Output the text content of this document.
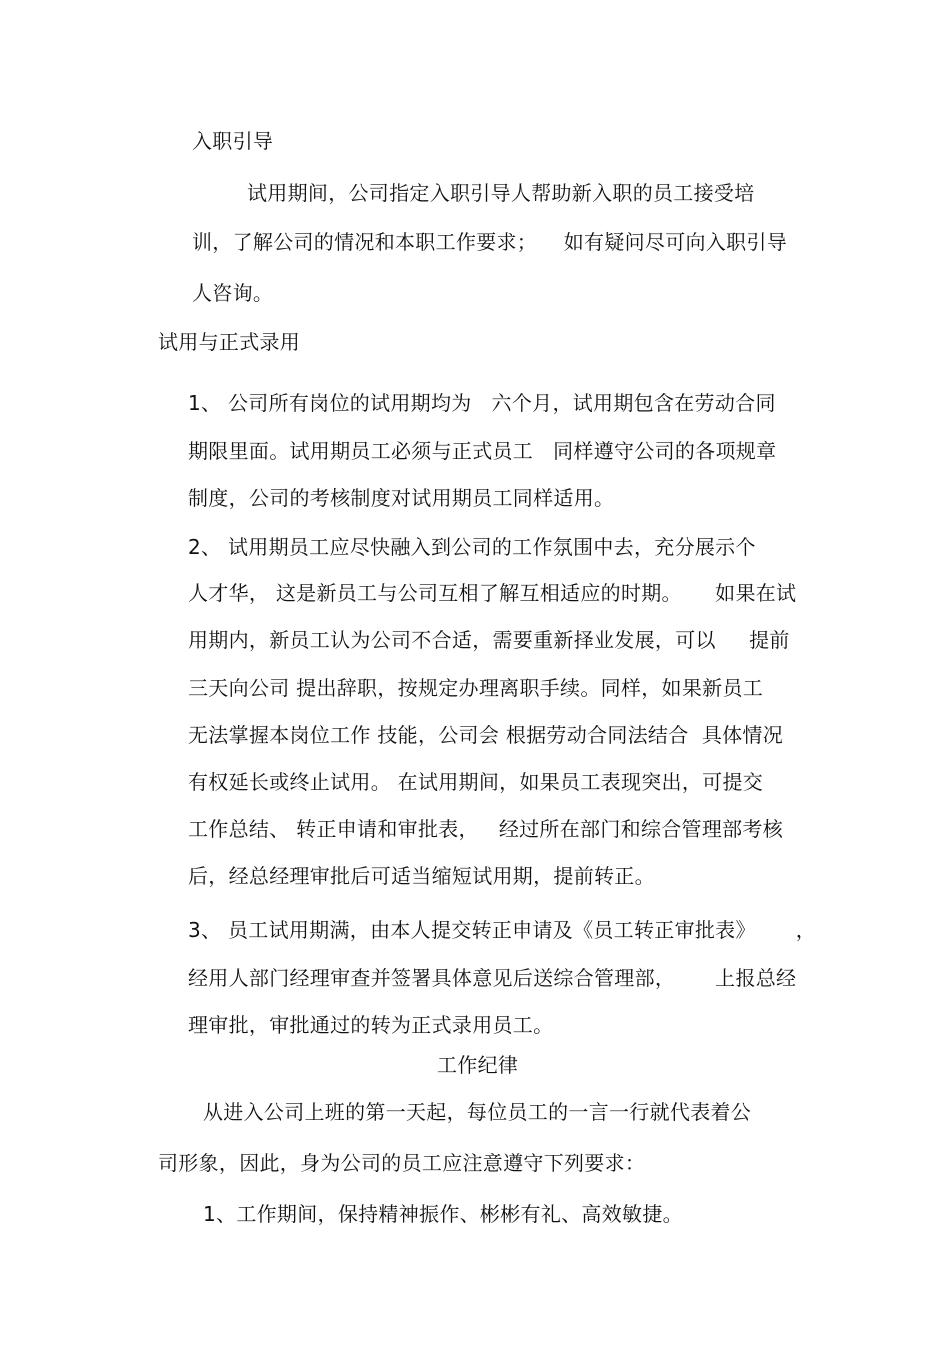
入职引导
试用期间，公司指定入职引导人帮助新入职的员工接受培
训，了解公司的情况和本职工作要求；    如有疑问尽可向入职引导
人咨询。
试用与正式录用
1、 公司所有岗位的试用期均为   六个月，试用期包含在劳动合同
期限里面。试用期员工必须与正式员工   同样遵守公司的各项规章
制度，公司的考核制度对试用期员工同样适用。
2、 试用期员工应尽快融入到公司的工作氛围中去，充分展示个
人才华， 这是新员工与公司互相了解互相适应的时期。     如果在试
用期内，新员工认为公司不合适，需要重新择业发展，可以     提前
三天向公司 提出辞职，按规定办理离职手续。同样，如果新员工
无法掌握本岗位工作 技能，公司会 根据劳动合同法结合  具体情况
有权延长或终止试用。 在试用期间，如果员工表现突出，可提交
工作总结、 转正申请和审批表，   经过所在部门和综合管理部考核
后，经总经理审批后可适当缩短试用期，提前转正。
3、 员工试用期满，由本人提交转正申请及《员工转正审批表》      ，
经用人部门经理审查并签署具体意见后送综合管理部，      上报总经
理审批，审批通过的转为正式录用员工。
工作纪律
从进入公司上班的第一天起，每位员工的一言一行就代表着公
司形象，因此，身为公司的员工应注意遵守下列要求：
1、工作期间，保持精神振作、彬彬有礼、高效敏捷。
